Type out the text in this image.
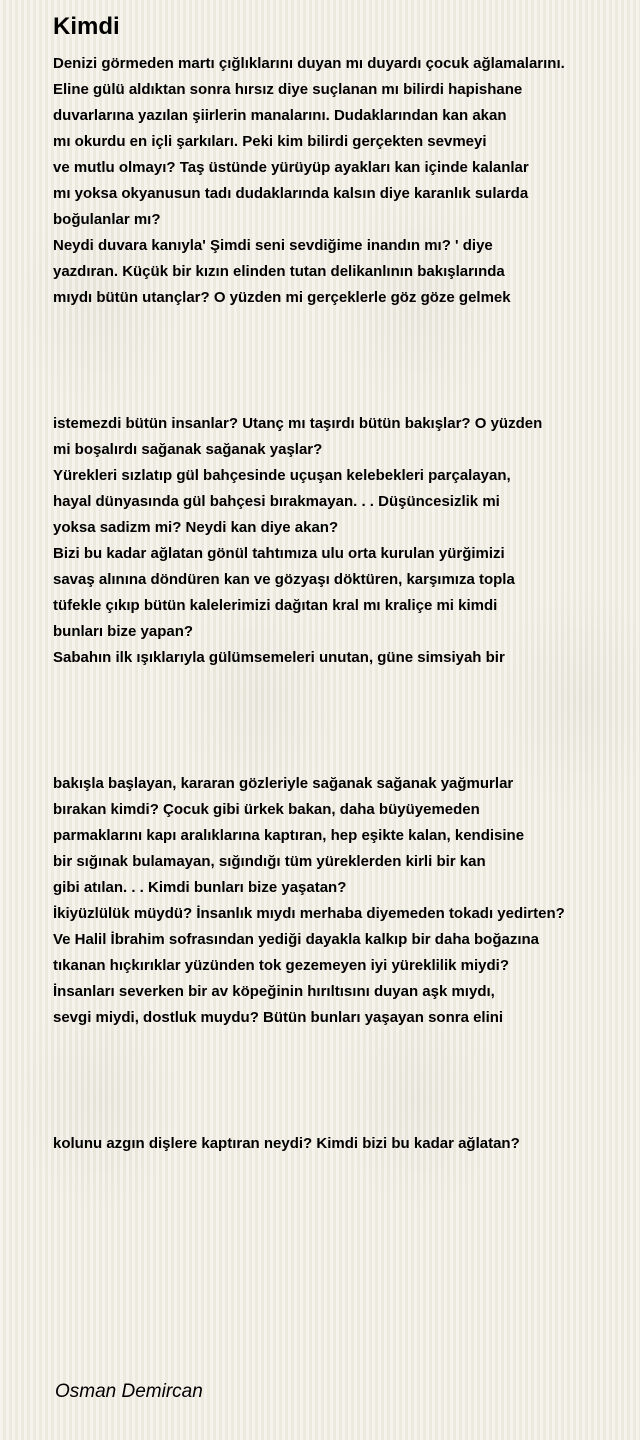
Kimdi
Denizi görmeden martı çığlıklarını duyan mı duyardı çocuk ağlamalarını.
Eline gülü aldıktan sonra hırsız diye suçlanan mı bilirdi hapishane
duvarlarına yazılan şiirlerin manalarını. Dudaklarından kan akan
mı okurdu en içli şarkıları. Peki kim bilirdi gerçekten sevmeyi
ve mutlu olmayı? Taş üstünde yürüyüp ayakları kan içinde kalanlar
mı yoksa okyanusun tadı dudaklarında kalsın diye karanlık sularda
boğulanlar mı?
Neydi duvara kanıyla' Şimdi seni sevdiğime inandın mı? ' diye
yazdıran. Küçük bir kızın elinden tutan delikanlının bakışlarında
mıydı bütün utançlar? O yüzden mi gerçeklerle göz göze gelmek
istemezdi bütün insanlar? Utanç mı taşırdı bütün bakışlar? O yüzden
mi boşalırdı sağanak sağanak yaşlar?
Yürekleri sızlatıp gül bahçesinde uçuşan kelebekleri parçalayan,
hayal dünyasında gül bahçesi bırakmayan. . . Düşüncesizlik mi
yoksa sadizm mi? Neydi kan diye akan?
Bizi bu kadar ağlatan gönül tahtımıza ulu orta kurulan yürğimizi
savaş alınına döndüren kan ve gözyaşı döktüren, karşımıza topla
tüfekle çıkıp bütün kalelerimizi dağıtan kral mı kraliçe mi kimdi
bunları bize yapan?
Sabahın ilk ışıklarıyla gülümsemeleri unutan, güne simsiyah bir
bakışla başlayan, kararan gözleriyle sağanak sağanak yağmurlar
bırakan kimdi? Çocuk gibi ürkek bakan, daha büyüyemeden
parmaklarını kapı aralıklarına kaptıran, hep eşikte kalan, kendisine
bir sığınak bulamayan, sığındığı tüm yüreklerden kirli bir kan
gibi atılan. . . Kimdi bunları bize yaşatan?
İkiyüzlülük müydü? İnsanlık mıydı merhaba diyemeden tokadı yedirten?
Ve Halil İbrahim sofrasından yediği dayakla kalkıp bir daha boğazına
tıkanan hıçkırıklar yüzünden tok gezemeyen iyi yüreklilik miydi?
İnsanları severken bir av köpeğinin hırıltısını duyan aşk mıydı,
sevgi miydi, dostluk muydu? Bütün bunları yaşayan sonra elini
kolunu azgın dişlere kaptıran neydi? Kimdi bizi bu kadar ağlatan?
Osman Demircan
